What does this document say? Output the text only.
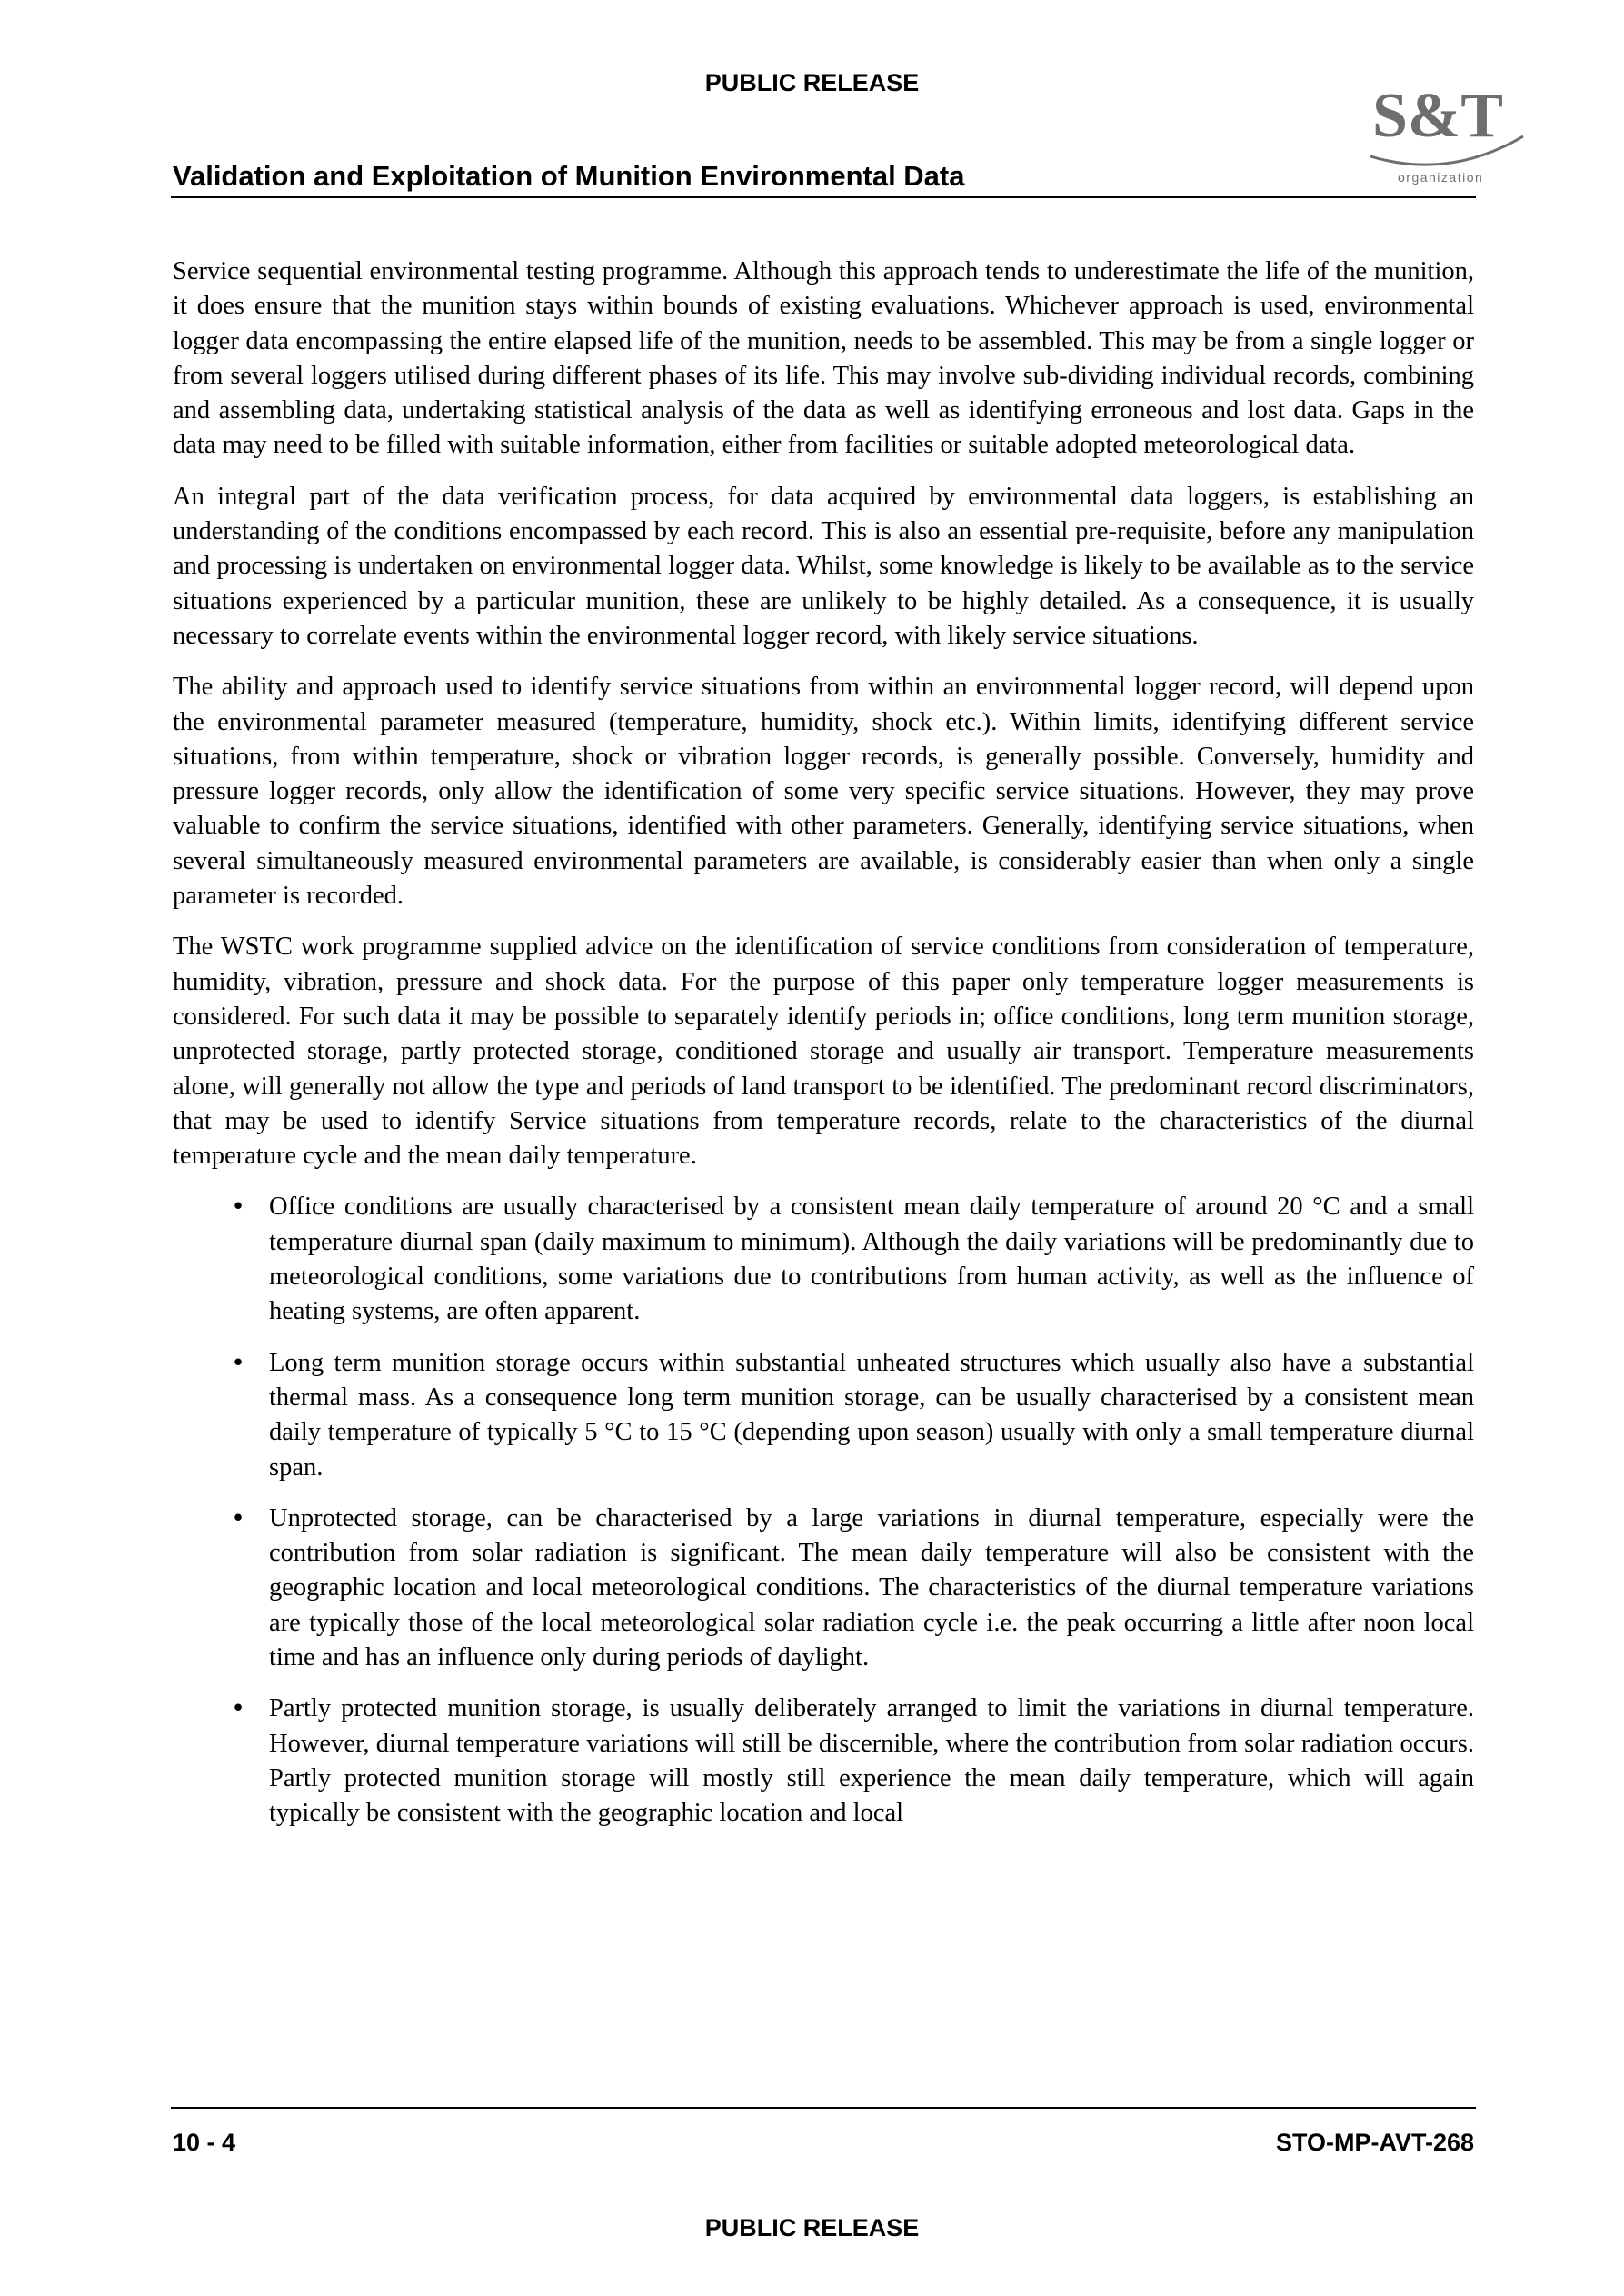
PUBLIC RELEASE
Validation and Exploitation of Munition Environmental Data
S&T
organization

Service sequential environmental testing programme. Although this approach tends to underestimate the life of the munition, it does ensure that the munition stays within bounds of existing evaluations. Whichever approach is used, environmental logger data encompassing the entire elapsed life of the munition, needs to be assembled. This may be from a single logger or from several loggers utilised during different phases of its life. This may involve sub-dividing individual records, combining and assembling data, undertaking statistical analysis of the data as well as identifying erroneous and lost data. Gaps in the data may need to be filled with suitable information, either from facilities or suitable adopted meteorological data.

An integral part of the data verification process, for data acquired by environmental data loggers, is establishing an understanding of the conditions encompassed by each record. This is also an essential pre-requisite, before any manipulation and processing is undertaken on environmental logger data. Whilst, some knowledge is likely to be available as to the service situations experienced by a particular munition, these are unlikely to be highly detailed. As a consequence, it is usually necessary to correlate events within the environmental logger record, with likely service situations.

The ability and approach used to identify service situations from within an environmental logger record, will depend upon the environmental parameter measured (temperature, humidity, shock etc.). Within limits, identifying different service situations, from within temperature, shock or vibration logger records, is generally possible. Conversely, humidity and pressure logger records, only allow the identification of some very specific service situations. However, they may prove valuable to confirm the service situations, identified with other parameters. Generally, identifying service situations, when several simultaneously measured environmental parameters are available, is considerably easier than when only a single parameter is recorded.

The WSTC work programme supplied advice on the identification of service conditions from consideration of temperature, humidity, vibration, pressure and shock data. For the purpose of this paper only temperature logger measurements is considered. For such data it may be possible to separately identify periods in; office conditions, long term munition storage, unprotected storage, partly protected storage, conditioned storage and usually air transport. Temperature measurements alone, will generally not allow the type and periods of land transport to be identified. The predominant record discriminators, that may be used to identify Service situations from temperature records, relate to the characteristics of the diurnal temperature cycle and the mean daily temperature.

• Office conditions are usually characterised by a consistent mean daily temperature of around 20 °C and a small temperature diurnal span (daily maximum to minimum). Although the daily variations will be predominantly due to meteorological conditions, some variations due to contributions from human activity, as well as the influence of heating systems, are often apparent.
• Long term munition storage occurs within substantial unheated structures which usually also have a substantial thermal mass. As a consequence long term munition storage, can be usually characterised by a consistent mean daily temperature of typically 5 °C to 15 °C (depending upon season) usually with only a small temperature diurnal span.
• Unprotected storage, can be characterised by a large variations in diurnal temperature, especially were the contribution from solar radiation is significant. The mean daily temperature will also be consistent with the geographic location and local meteorological conditions. The characteristics of the diurnal temperature variations are typically those of the local meteorological solar radiation cycle i.e. the peak occurring a little after noon local time and has an influence only during periods of daylight.
• Partly protected munition storage, is usually deliberately arranged to limit the variations in diurnal temperature. However, diurnal temperature variations will still be discernible, where the contribution from solar radiation occurs. Partly protected munition storage will mostly still experience the mean daily temperature, which will again typically be consistent with the geographic location and local
10 - 4	STO-MP-AVT-268
PUBLIC RELEASE
